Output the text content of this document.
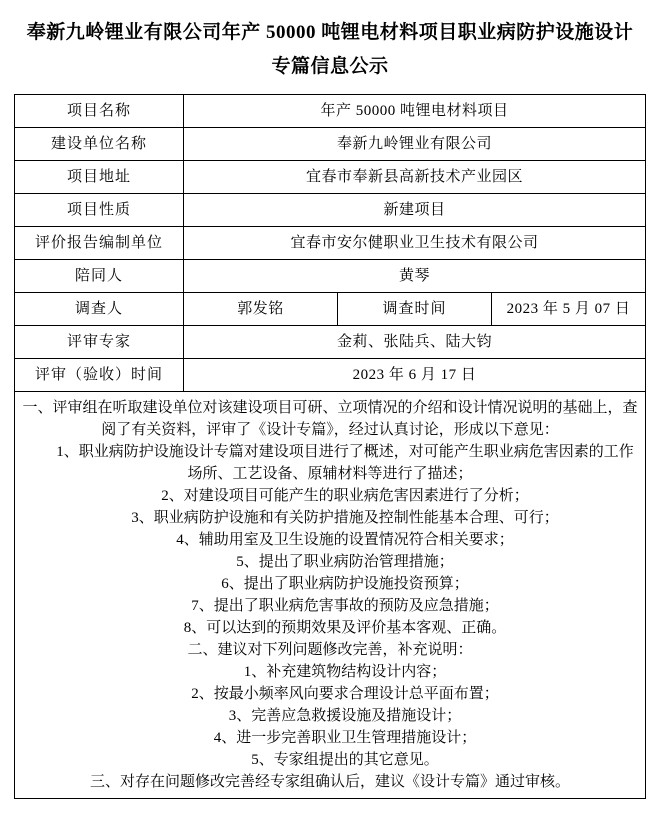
奉新九岭锂业有限公司年产 50000 吨锂电材料项目职业病防护设施设计专篇信息公示
项目名称	年产 50000 吨锂电材料项目		
建设单位名称	奉新九岭锂业有限公司		
项目地址	宜春市奉新县高新技术产业园区		
项目性质	新建项目		
评价报告编制单位	宜春市安尔健职业卫生技术有限公司		
陪同人	黄琴		
调查人	郭发铭	调查时间	2023 年 5 月 07 日
评审专家	金莉、张陆兵、陆大钧		
评审（验收）时间	2023 年 6 月 17 日		

一、评审组在听取建设单位对该建设项目可研、立项情况的介绍和设计情况说明的基础上，查阅了有关资料，评审了《设计专篇》，经过认真讨论，形成以下意见：

1、职业病防护设施设计专篇对建设项目进行了概述，对可能产生职业病危害因素的工作场所、工艺设备、原辅材料等进行了描述；

2、对建设项目可能产生的职业病危害因素进行了分析；

3、职业病防护设施和有关防护措施及控制性能基本合理、可行；

4、辅助用室及卫生设施的设置情况符合相关要求；

5、提出了职业病防治管理措施；

6、提出了职业病防护设施投资预算；

7、提出了职业病危害事故的预防及应急措施；

8、可以达到的预期效果及评价基本客观、正确。

二、建议对下列问题修改完善，补充说明：

1、补充建筑物结构设计内容；

2、按最小频率风向要求合理设计总平面布置；

3、完善应急救援设施及措施设计；

4、进一步完善职业卫生管理措施设计；

5、专家组提出的其它意见。

三、对存在问题修改完善经专家组确认后，建议《设计专篇》通过审核。
